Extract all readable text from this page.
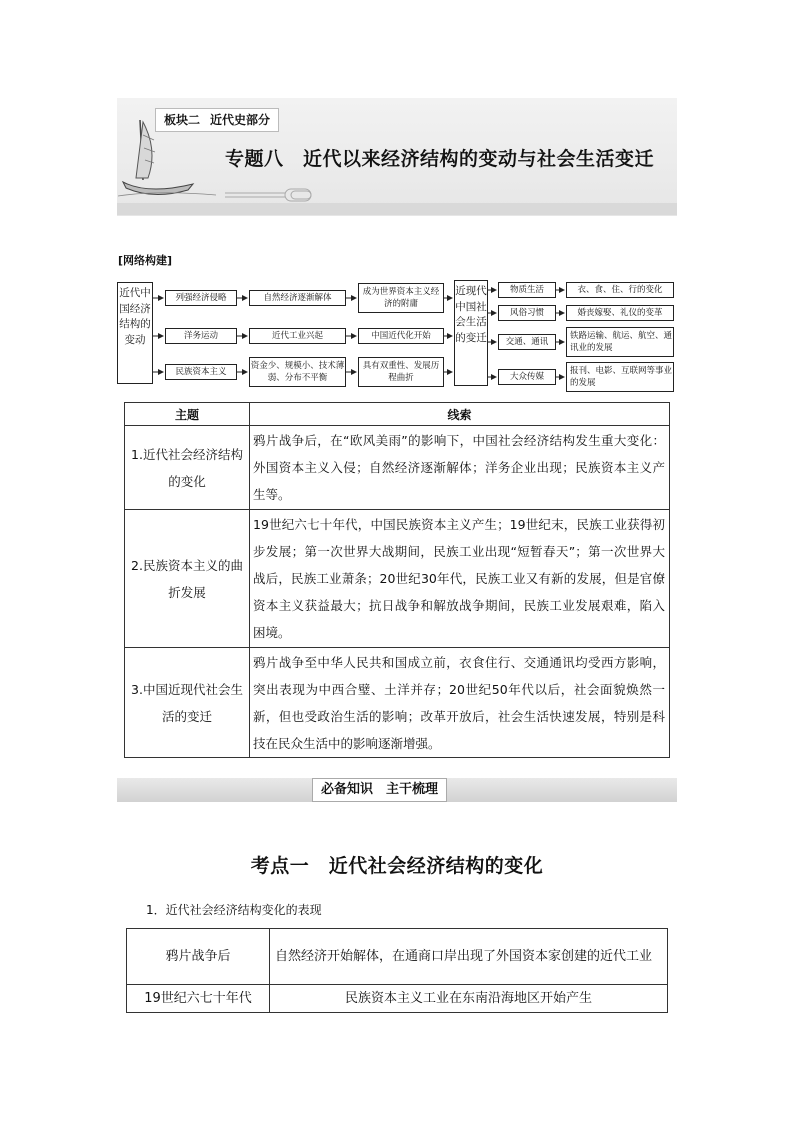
板块二 近代史部分
专题八　近代以来经济结构的变动与社会生活变迁
[网络构建]
近代中国经济结构的变动
列强经济侵略	自然经济逐渐解体
成为世界资本主义经济的附庸
洋务运动	近代工业兴起	中国近代化开始
民族资本主义
资金少、规模小、技术薄弱、分布不平衡
具有双重性、发展历程曲折
近现代中国社会生活的变迁
物质生活	衣、食、住、行的变化
风俗习惯	婚丧嫁娶、礼仪的变革
交通、通讯
铁路运输、航运、航空、通讯业的发展
大众传媒
报刊、电影、互联网等事业的发展
主题	线索
1.近代社会经济结构的变化	鸦片战争后，在“欧风美雨”的影响下，中国社会经济结构发生重大变化：外国资本主义入侵；自然经济逐渐解体；洋务企业出现；民族资本主义产生等。
2.民族资本主义的曲折发展	19世纪六七十年代，中国民族资本主义产生；19世纪末，民族工业获得初步发展；第一次世界大战期间，民族工业出现“短暂春天”；第一次世界大战后，民族工业萧条；20世纪30年代，民族工业又有新的发展，但是官僚资本主义获益最大；抗日战争和解放战争期间，民族工业发展艰难，陷入困境。
3.中国近现代社会生活的变迁	鸦片战争至中华人民共和国成立前，衣食住行、交通通讯均受西方影响，突出表现为中西合璧、土洋并存；20世纪50年代以后，社会面貌焕然一新，但也受政治生活的影响；改革开放后，社会生活快速发展，特别是科技在民众生活中的影响逐渐增强。
必备知识　主干梳理
考点一　近代社会经济结构的变化
1．近代社会经济结构变化的表现
鸦片战争后	自然经济开始解体，在通商口岸出现了外国资本家创建的近代工业
19世纪六七十年代	民族资本主义工业在东南沿海地区开始产生
